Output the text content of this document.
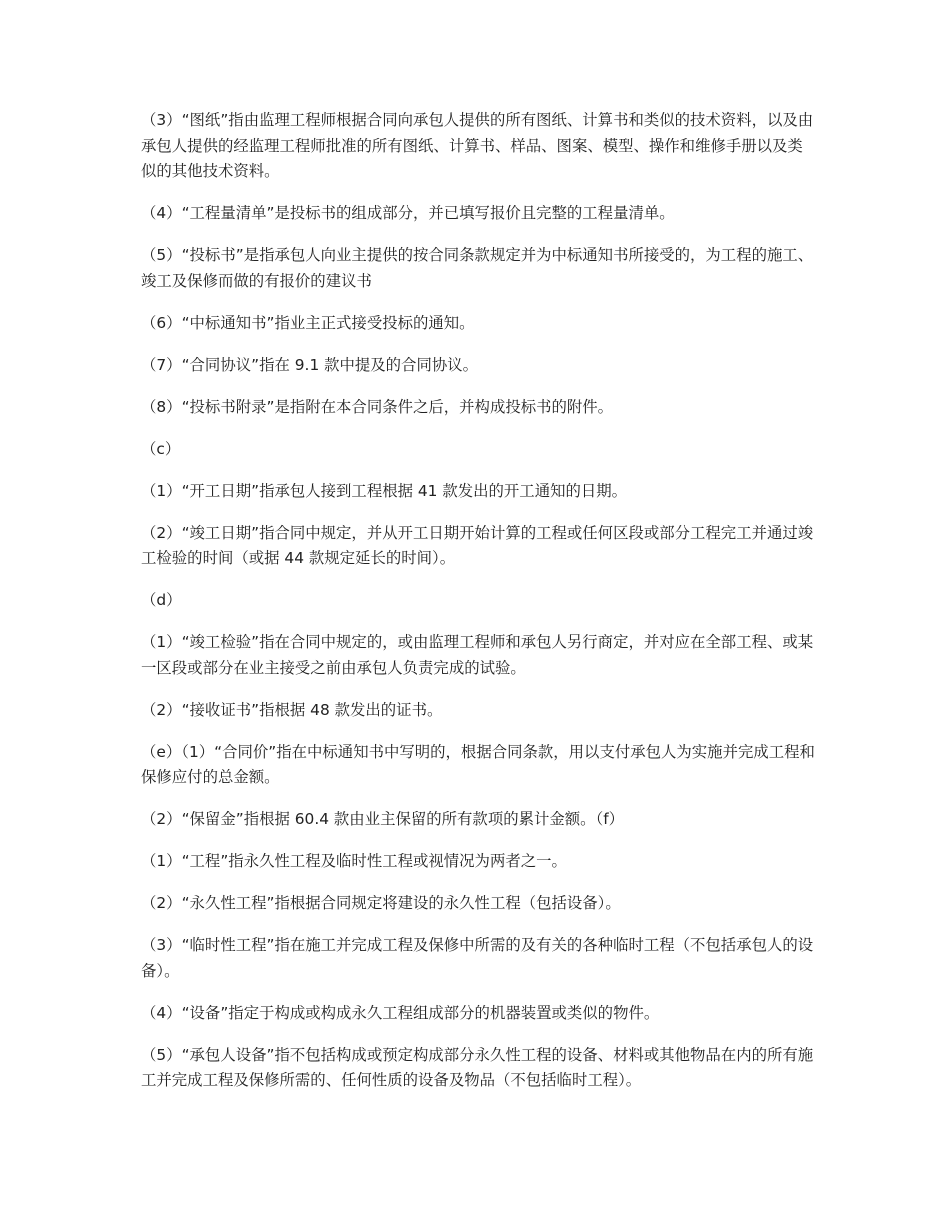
（3）“图纸”指由监理工程师根据合同向承包人提供的所有图纸、计算书和类似的技术资料，以及由承包人提供的经监理工程师批准的所有图纸、计算书、样品、图案、模型、操作和维修手册以及类似的其他技术资料。

（4）“工程量清单”是投标书的组成部分，并已填写报价且完整的工程量清单。

（5）“投标书”是指承包人向业主提供的按合同条款规定并为中标通知书所接受的，为工程的施工、竣工及保修而做的有报价的建议书

（6）“中标通知书”指业主正式接受投标的通知。

（7）“合同协议”指在 9.1 款中提及的合同协议。

（8）“投标书附录”是指附在本合同条件之后，并构成投标书的附件。

（c）

（1）“开工日期”指承包人接到工程根据 41 款发出的开工通知的日期。

（2）“竣工日期”指合同中规定，并从开工日期开始计算的工程或任何区段或部分工程完工并通过竣工检验的时间（或据 44 款规定延长的时间）。

（d）

（1）“竣工检验”指在合同中规定的，或由监理工程师和承包人另行商定，并对应在全部工程、或某一区段或部分在业主接受之前由承包人负责完成的试验。

（2）“接收证书”指根据 48 款发出的证书。

（e）（1）“合同价”指在中标通知书中写明的，根据合同条款，用以支付承包人为实施并完成工程和保修应付的总金额。

（2）“保留金”指根据 60.4 款由业主保留的所有款项的累计金额。（f）

（1）“工程”指永久性工程及临时性工程或视情况为两者之一。

（2）“永久性工程”指根据合同规定将建设的永久性工程（包括设备）。

（3）“临时性工程”指在施工并完成工程及保修中所需的及有关的各种临时工程（不包括承包人的设备）。

（4）“设备”指定于构成或构成永久工程组成部分的机器装置或类似的物件。

（5）“承包人设备”指不包括构成或预定构成部分永久性工程的设备、材料或其他物品在内的所有施工并完成工程及保修所需的、任何性质的设备及物品（不包括临时工程）。
